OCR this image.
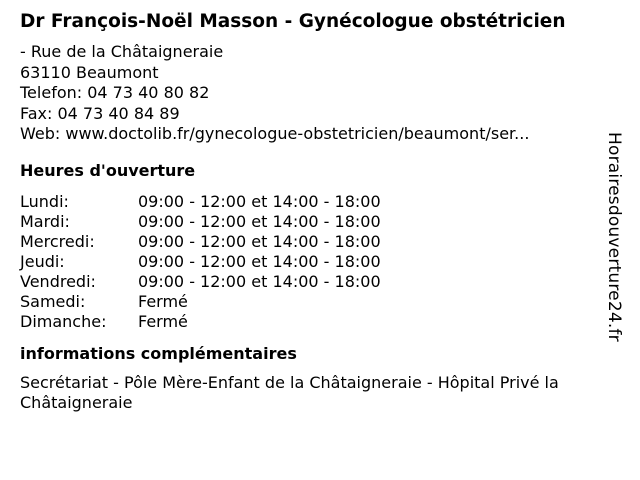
Dr François-Noël Masson - Gynécologue obstétricien
- Rue de la Châtaigneraie
63110 Beaumont
Telefon: 04 73 40 80 82
Fax: 04 73 40 84 89
Web: www.doctolib.fr/gynecologue-obstetricien/beaumont/ser...
Heures d'ouverture
Lundi:	09:00 - 12:00 et 14:00 - 18:00
Mardi:	09:00 - 12:00 et 14:00 - 18:00
Mercredi:	09:00 - 12:00 et 14:00 - 18:00
Jeudi:	09:00 - 12:00 et 14:00 - 18:00
Vendredi:	09:00 - 12:00 et 14:00 - 18:00
Samedi:	Fermé
Dimanche:	Fermé
informations complémentaires
Secrétariat - Pôle Mère-Enfant de la Châtaigneraie - Hôpital Privé la Châtaigneraie
Horairesdouverture24.fr
